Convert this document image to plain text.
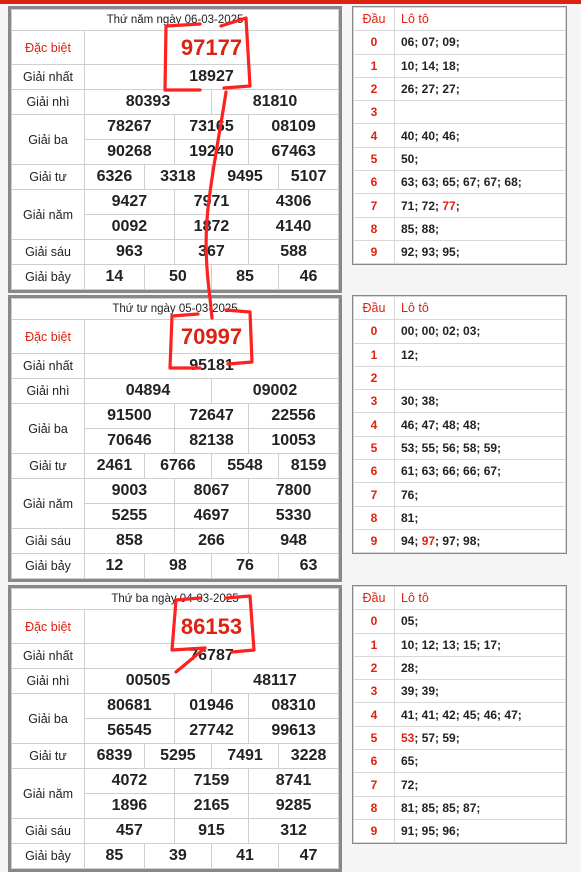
Thứ năm ngày 06-03-2025						
Đặc biệt	97177					
Giải nhất	18927					
Giải nhì	80393			81810		
Giải ba	78267		73165		08109	
	90268		19240		67463	
Giải tư	6326	3318		9495		5107
Giải năm	9427		7971		4306	
	0092		1872		4140	
Giải sáu	963		367		588	
Giải bảy	14	50		85		46
Đầu	Lô tô
0	06; 07; 09;
1	10; 14; 18;
2	26; 27; 27;
3	
4	40; 40; 46;
5	50;
6	63; 63; 65; 67; 67; 68;
7	71; 72; 77;
8	85; 88;
9	92; 93; 95;
Thứ tư ngày 05-03-2025						
Đặc biệt	70997					
Giải nhất	95181					
Giải nhì	04894			09002		
Giải ba	91500		72647		22556	
	70646		82138		10053	
Giải tư	2461	6766		5548		8159
Giải năm	9003		8067		7800	
	5255		4697		5330	
Giải sáu	858		266		948	
Giải bảy	12	98		76		63
Đầu	Lô tô
0	00; 00; 02; 03;
1	12;
2	
3	30; 38;
4	46; 47; 48; 48;
5	53; 55; 56; 58; 59;
6	61; 63; 66; 66; 67;
7	76;
8	81;
9	94; 97; 97; 98;
Thứ ba ngày 04-03-2025						
Đặc biệt	86153					
Giải nhất	76787					
Giải nhì	00505			48117		
Giải ba	80681		01946		08310	
	56545		27742		99613	
Giải tư	6839	5295		7491		3228
Giải năm	4072		7159		8741	
	1896		2165		9285	
Giải sáu	457		915		312	
Giải bảy	85	39		41		47
Đầu	Lô tô
0	05;
1	10; 12; 13; 15; 17;
2	28;
3	39; 39;
4	41; 41; 42; 45; 46; 47;
5	53; 57; 59;
6	65;
7	72;
8	81; 85; 85; 87;
9	91; 95; 96;
